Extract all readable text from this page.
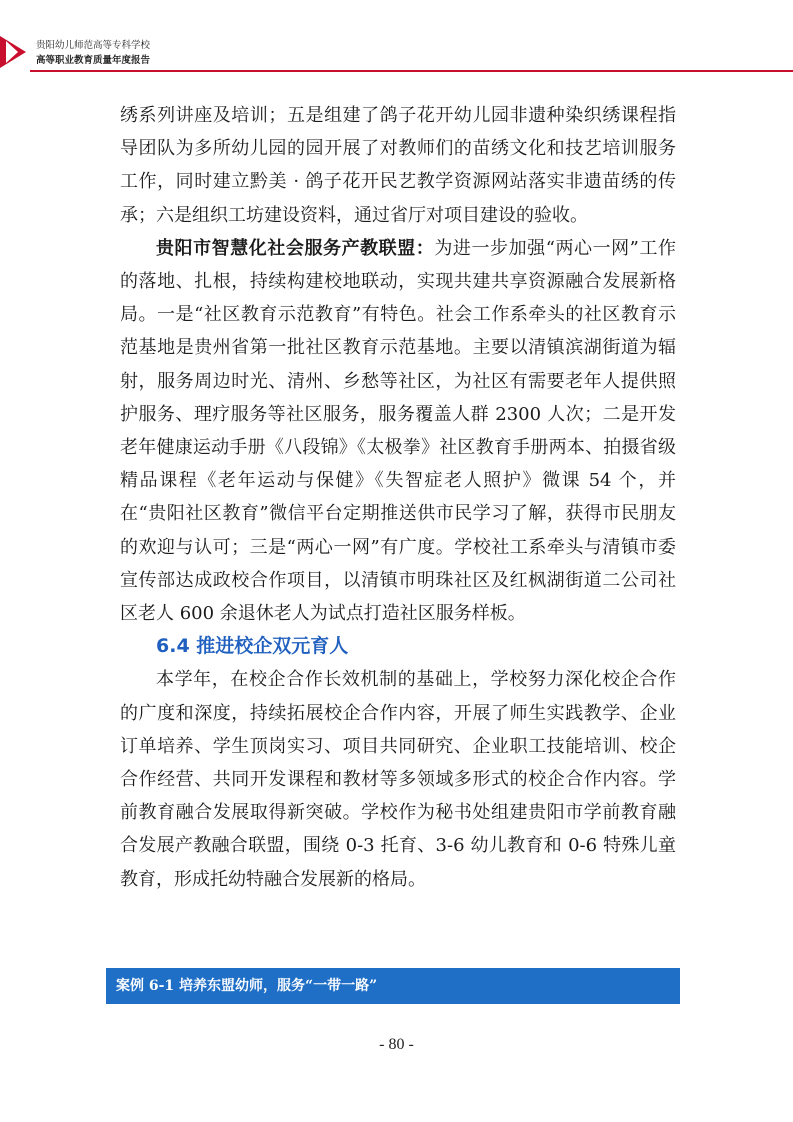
贵阳幼儿师范高等专科学校
高等职业教育质量年度报告

绣系列讲座及培训；五是组建了鸽子花开幼儿园非遗种染织绣课程指导团队为多所幼儿园的园开展了对教师们的苗绣文化和技艺培训服务工作，同时建立黔美 · 鸽子花开民艺教学资源网站落实非遗苗绣的传承；六是组织工坊建设资料，通过省厅对项目建设的验收。

贵阳市智慧化社会服务产教联盟：为进一步加强“两心一网”工作的落地、扎根，持续构建校地联动，实现共建共享资源融合发展新格局。一是“社区教育示范教育”有特色。社会工作系牵头的社区教育示范基地是贵州省第一批社区教育示范基地。主要以清镇滨湖街道为辐射，服务周边时光、清州、乡愁等社区，为社区有需要老年人提供照护服务、理疗服务等社区服务，服务覆盖人群 2300 人次；二是开发老年健康运动手册《八段锦》《太极拳》社区教育手册两本、拍摄省级精品课程《老年运动与保健》《失智症老人照护》微课 54 个，并在“贵阳社区教育”微信平台定期推送供市民学习了解，获得市民朋友的欢迎与认可；三是“两心一网”有广度。学校社工系牵头与清镇市委宣传部达成政校合作项目，以清镇市明珠社区及红枫湖街道二公司社区老人 600 余退休老人为试点打造社区服务样板。

6.4 推进校企双元育人

本学年，在校企合作长效机制的基础上，学校努力深化校企合作的广度和深度，持续拓展校企合作内容，开展了师生实践教学、企业订单培养、学生顶岗实习、项目共同研究、企业职工技能培训、校企合作经营、共同开发课程和教材等多领域多形式的校企合作内容。学前教育融合发展取得新突破。学校作为秘书处组建贵阳市学前教育融合发展产教融合联盟，围绕 0-3 托育、3-6 幼儿教育和 0-6 特殊儿童教育，形成托幼特融合发展新的格局。

案例 6-1 培养东盟幼师，服务“一带一路”
- 80 -
